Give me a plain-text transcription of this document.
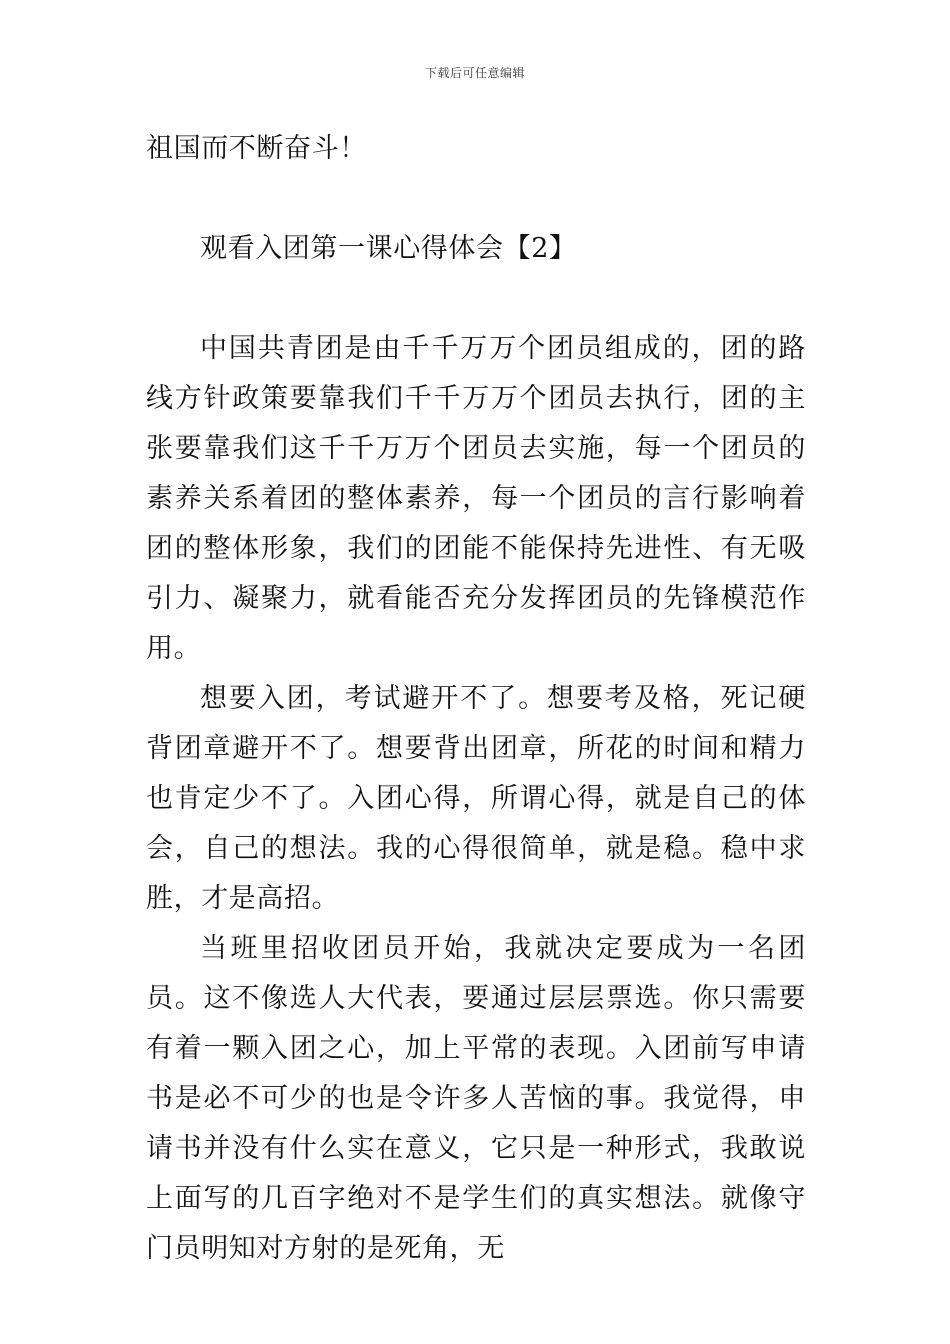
下载后可任意编辑
祖国而不断奋斗！
观看入团第一课心得体会【2】
中国共青团是由千千万万个团员组成的，团的路线方针政策要靠我们千千万万个团员去执行，团的主张要靠我们这千千万万个团员去实施，每一个团员的素养关系着团的整体素养，每一个团员的言行影响着团的整体形象，我们的团能不能保持先进性、有无吸引力、凝聚力，就看能否充分发挥团员的先锋模范作用。
想要入团，考试避开不了。想要考及格，死记硬背团章避开不了。想要背出团章，所花的时间和精力也肯定少不了。入团心得，所谓心得，就是自己的体会，自己的想法。我的心得很简单，就是稳。稳中求胜，才是高招。
当班里招收团员开始，我就决定要成为一名团员。这不像选人大代表，要通过层层票选。你只需要有着一颗入团之心，加上平常的表现。入团前写申请书是必不可少的也是令许多人苦恼的事。我觉得，申请书并没有什么实在意义，它只是一种形式，我敢说上面写的几百字绝对不是学生们的真实想法。就像守门员明知对方射的是死角，无
